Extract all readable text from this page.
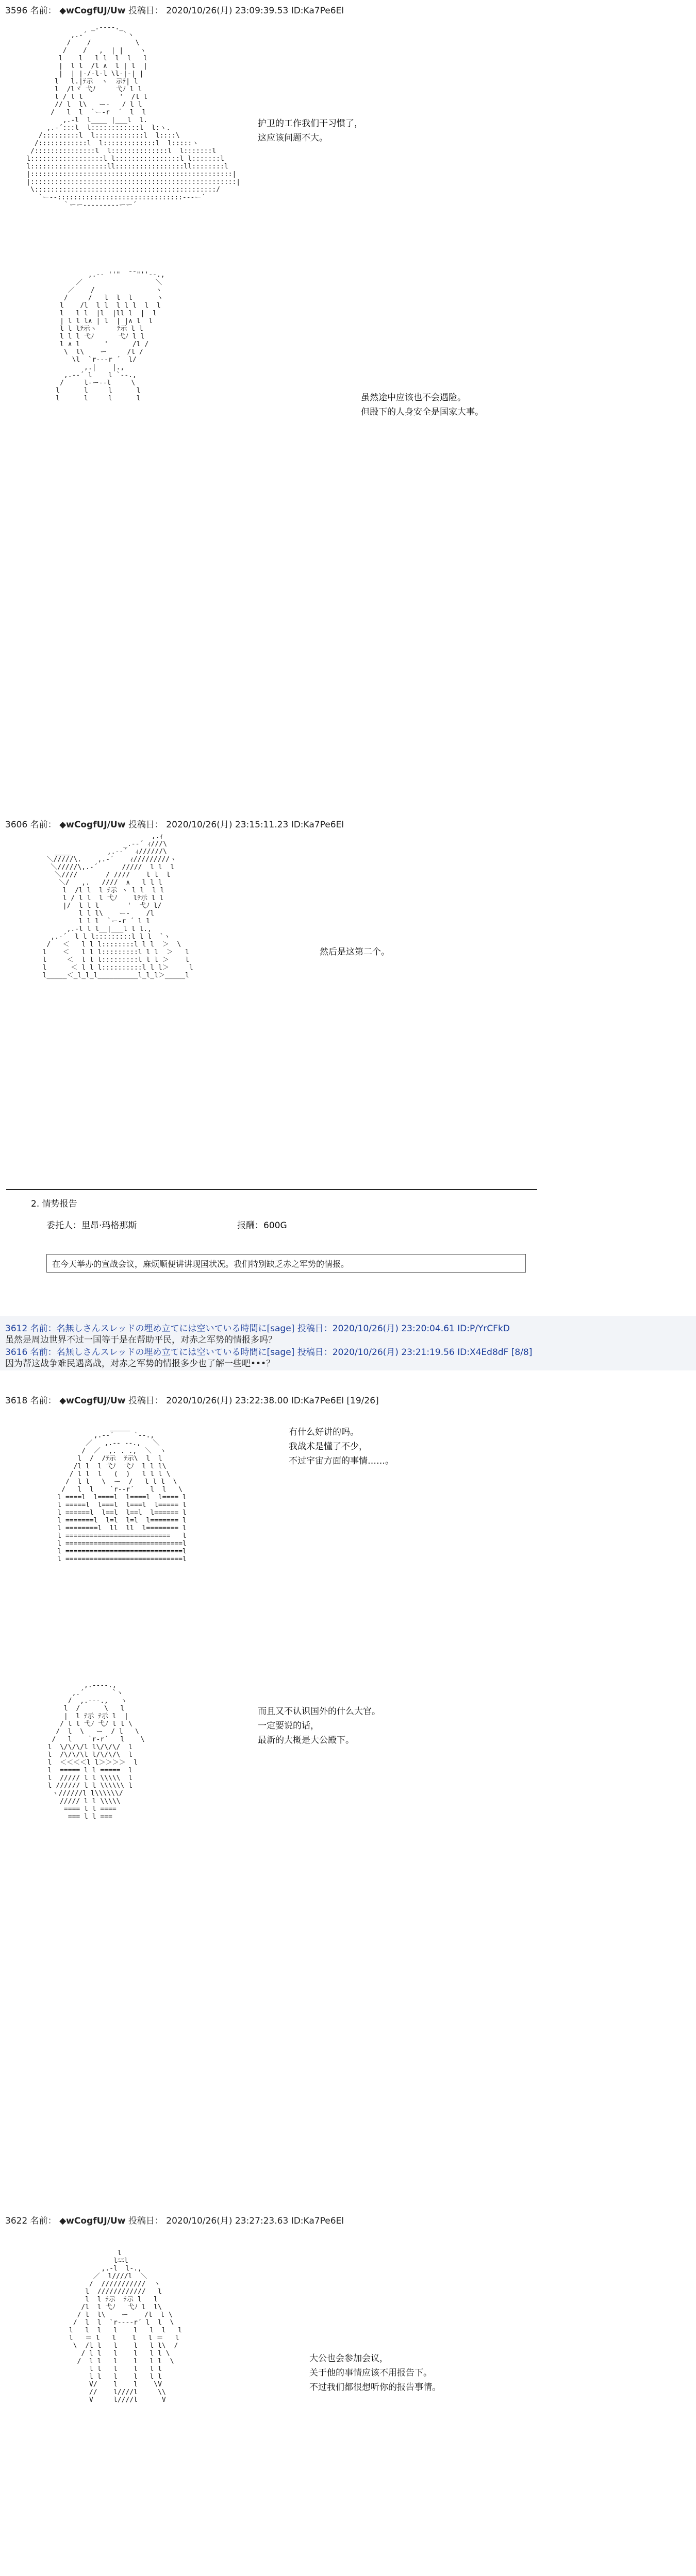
3596 名前： ◆wCogfUJ/Uw 投稿日： 2020/10/26(月) 23:09:39.53 ID:Ka7Pe6El
_.----._
,.-´         `ヽ
/    /           \
/    /   ,  | |    ヽ
l    l   l l  l  l   l
|  l l  /l ∧  l | l  |
|  | |-/-l-l \l-|-| |
l   l.|ﾃ示  ヽ  示ﾃ| l
l  /lヾ 弋ﾉ     弋ﾉ l l
l / l l         '  /l l
// l  l\   ー-   / l l
/   l  l  `ー-r  ´  l  l
,.-l  l____ |___l  l.
,.-´:::l  l::::::::::::l  l:ヽ.
/:::::::::l  l::::::::::::l  l::::\
/::::::::::::l  l:::::::::::::l  l:::::ヽ
/:::::::::::::::l  l::::::::::::::l  l:::::::l
l::::::::::::::::::l l::::::::::::::::l l:::::::l
l:::::::::::::::::::ll:::::::::::::::::ll::::::::l
|::::::::::::::::::::::::::::::::::::::::::::::::::|
|:::::::::::::::::::::::::::::::::::::::::::::::::::|
\:::::::::::::::::::::::::::::::::::::::::::::/
`ー--:::::::::::::::::::::::::::::::---ー´
｀ーー---------ーー´
护卫的工作我们干习惯了，
这应该问题不大。
,.-‐ ''"  ̄ ̄ "''‐-.,
／                  ＼
／    /               ヽ
/     /   l  l  l      ヽ
l    /l  l l  l l l  l  l
l   l l  |l  |ll l  |  l
| l l l∧ | l  | |∧ l  l
l l lﾃ示ヽ     ﾃ示 l l
l l l 弋ﾉ      弋ﾉ l l
l ∧ l      '      /l /
\  l\    ー     /l /
\l  `r---r ´  l/
,.|    |.,
,.-‐´ l    l `‐-.,
/     l-ー--l     \
l      l     l      l
l      l     l      l	虽然途中应该也不会遇险。
但殿下的人身安全是国家大事。
3606 名前： ◆wCogfUJ/Uw 投稿日： 2020/10/26(月) 23:15:11.23 ID:Ka7Pe6El
,.ｨ
_.-‐´ ｨ///\
____         ,.-‐´  ｨ//////\
＼/////\.    ,.-´    ｨ/////////ヽ
＼/////\,.-´      /////  l l  l
＼////       / ////    l l  l
＼/   ,.   ////  ∧   l l l
l  /l l  l ﾃ示 ヽ l l  l l
l / l l  l 弋ﾉ    lﾃ示 l l
|/  l l l       '  弋ﾉ l/
l l l\    ー-    /l
l l l  `ー-r ´ l l
,.-l l l__|___l l l.,
,.-´  l l l:::::::::l l l  `ヽ
/   ＜   l l l::::::::l l l  ＞  \
l    ＜   l l l:::::::::l l l  ＞   l
l     ＜  l l l:::::::::l l l ＞    l
l      ＜ l l l::::::::::l l l＞     l
l_____＜_l_l_l__________l_l_l＞_____l
然后是这第二个。
2. 情势报告
委托人：里昂·玛格那斯	报酬：600G
在今天举办的宣战会议，麻烦顺便讲讲现国状况。我们特别缺乏赤之军势的情报。
3612 名前：名無しさんスレッドの埋め立てには空いている時間に[sage] 投稿日：2020/10/26(月) 23:20:04.61 ID:P/YrCFkD
虽然是周边世界不过一国等于是在帮助平民，对赤之军势的情报多吗？
3616 名前：名無しさんスレッドの埋め立てには空いている時間に[sage] 投稿日：2020/10/26(月) 23:21:19.56 ID:X4Ed8dF [8/8]
因为帮这战争难民遇离战，对赤之军势的情报多少也了解一些吧•••？
3618 名前： ◆wCogfUJ/Uw 投稿日： 2020/10/26(月) 23:22:38.00 ID:Ka7Pe6El [19/26]
_____
,.-‐´     `‐-.,
／   ,.-‐ ‐-.,   ＼
/  ／  ,. . .,  ＼  ヽ
l  /  /ﾃ示  ﾃ示\  l  l
/l l  l 弋ﾉ  弋ﾉ  l l l\
/ l l  l   (  )   l l l \
/  l l   \  ー  /   l l l  \
/   l  l    `r--r´    l  l   \
l ====l  l====l  l====l  l==== l
l =====l  l===l  l===l  l===== l
l ======l  l==l  l==l  l====== l
l =======l  l=l  l=l  l======= l
l ========l  ll  ll  l======== l
l ==========================   l
l =============================l
l =============================l
l =============================l
有什么好讲的吗。
我战术是懂了不少，
不过宇宙方面的事情……。
,.-‐‐-.,
,.´       `ヽ
/  ,.-‐-.,   ヽ
l  /      \   l
|  l ﾃ示 ﾃ示 l  |
/ l l 弋ﾉ 弋ﾉ l l \
/  l  \   ー  / l   \
/   l    `r-r´   l    \
l  \/\/\/l l\/\/\/  l
l  /\/\/\l l/\/\/\  l
l  ＜＜＜＜l l＞＞＞＞  l
l  ===== l l =====  l
l  ///// l l \\\\\  l
l ////// l l \\\\\\ l
ヽ//////l l\\\\\\/
///// l l \\\\\
==== l l ====
=== l l ===
而且又不认识国外的什么大官。
一定要说的话，
最新的大概是大公殿下。
3622 名前： ◆wCogfUJ/Uw 投稿日： 2020/10/26(月) 23:27:23.63 ID:Ka7Pe6El
l
lﾆﾆl
,.-l  l-.,
／  l////l  ＼
/  ///////////  ヽ
l  ////////////   l
l  l ﾃ示  ﾃ示 l   l
/l  l 弋ﾉ   弋ﾉ l  l\
/ l  l\    ー    /l  l \
/  l  l  `r----r´ l  l  \
l   l  l   l    l   l  l   l
l   ＝ l   l    l   l ＝   l
\  /l l   l    l   l l\  /
/ l l   l    l   l l \
/  l l   l    l   l l  \
l l   l    l   l l
l l   l    l   l l
V/    l    l    \V
//    l////l     \\
V     l////l      V
大公也会参加会议，
关于他的事情应该不用报告下。
不过我们都很想听你的报告事情。
